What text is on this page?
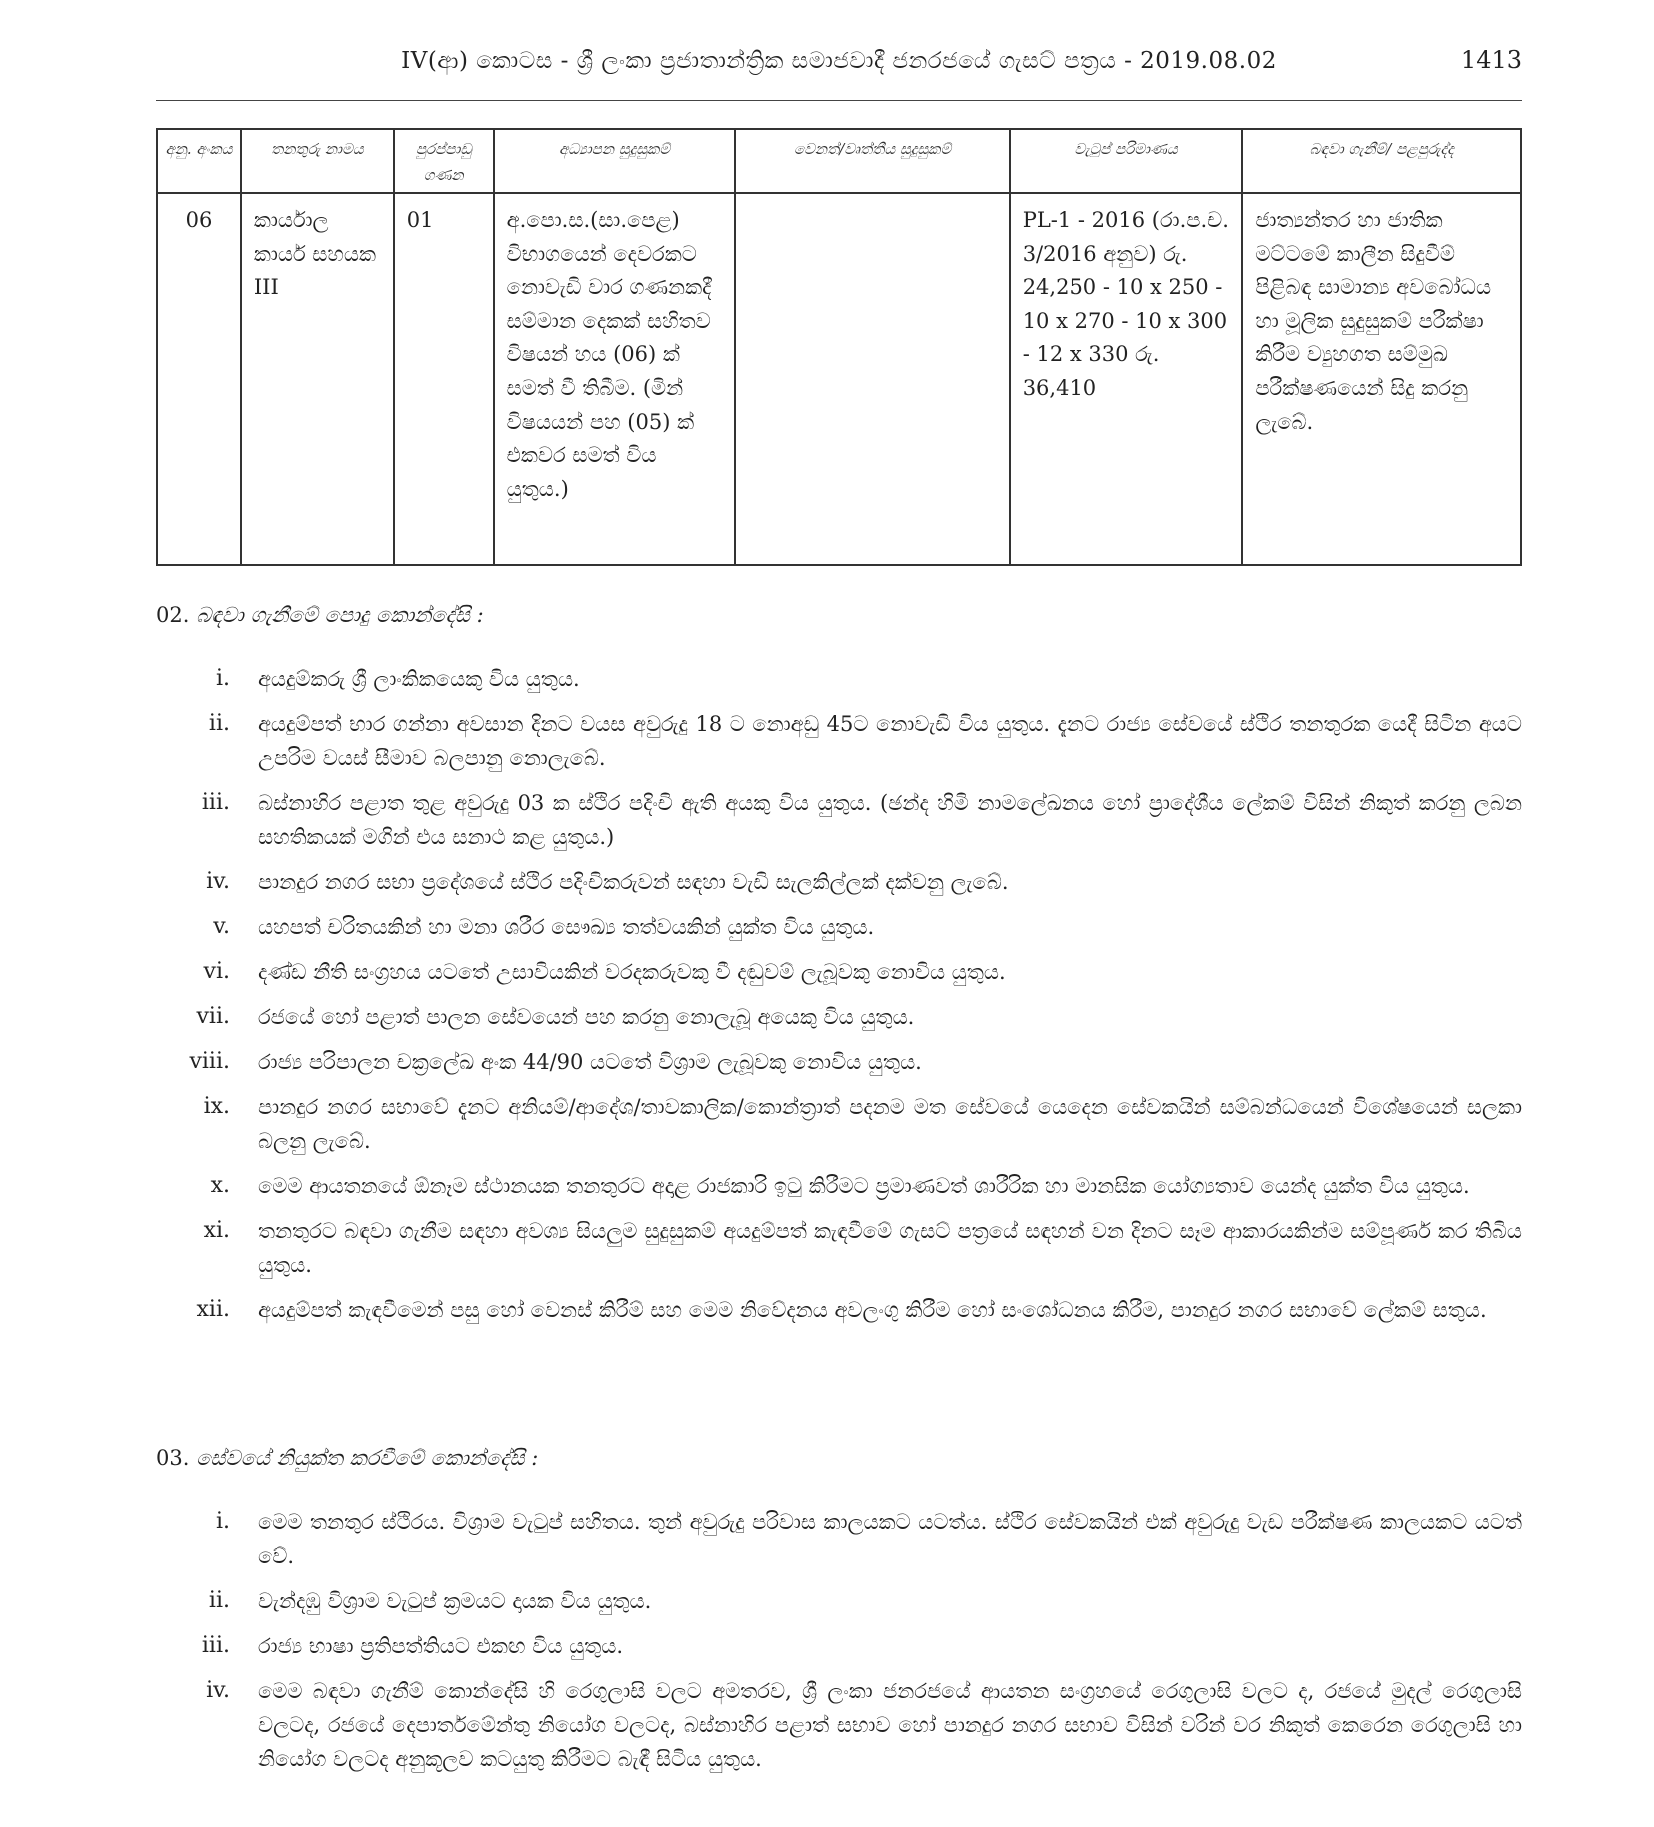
IV(ආ) කොටස - ශ්‍රී ලංකා ප්‍රජාතාන්ත්‍රික සමාජවාදී ජනරජයේ ගැසට් පත්‍රය - 2019.08.02	1413
අනු. අංකය	තනතුරු නාමය	පුරප්පාඩු ගණන	අධ්‍යාපන සුදුසුකම්	වෙනත්/වෘත්තීය සුදුසුකම්	වැටුප් පරිමාණය	බඳවා ගැනීම්/ පළපුරුද්ද
06	කාර්යාල කාර්ය සහයක III	01	අ.පො.ස.(සා.පෙළ) විභාගයෙන් දෙවරකට නොවැඩි වාර ගණනකදී සම්මාන දෙකක් සහිතව විෂයන් හය (06) ක් සමත් වී තිබීම. (මින් විෂයයන් පහ (05) ක් එකවර සමත් විය යුතුය.)		PL-1 - 2016 (රා.ප.ච. 3/2016 අනුව) රු. 24,250 - 10 x 250 - 10 x 270 - 10 x 300 - 12 x 330 රු. 36,410	ජාත්‍යන්තර හා ජාතික මට්ටමේ කාලීන සිදුවීම් පිළිබඳ සාමාන්‍ය අවබෝධය හා මූලික සුදුසුකම් පරීක්ෂා කිරීම ව්‍යුහගත සම්මුඛ පරීක්ෂණයෙන් සිදු කරනු ලැබේ.
02. බඳවා ගැනීමේ පොදු කොන්දේසි :
i.	අයදුම්කරු ශ්‍රී ලාංකිකයෙකු විය යුතුය.
ii.	අයදුම්පත් භාර ගන්නා අවසාන දිනට වයස අවුරුදු 18 ට නොඅඩු 45ට නොවැඩි විය යුතුය. දැනට රාජ්‍ය සේවයේ ස්ථිර තනතුරක යෙදී සිටින අයට උපරිම වයස් සීමාව බලපානු නොලැබේ.
iii.	බස්නාහිර පළාත තුළ අවුරුදු 03 ක ස්ථිර පදිංචි ඇති අයකු විය යුතුය. (ඡන්ද හිමි නාමලේඛනය හෝ ප්‍රාදේශීය ලේකම් විසින් නිකුත් කරනු ලබන සහතිකයක් මගින් එය සනාථ කළ යුතුය.)
iv.	පානදුර නගර සභා ප්‍රදේශයේ ස්ථිර පදිංචිකරුවන් සඳහා වැඩි සැලකිල්ලක් දක්වනු ලැබේ.
v.	යහපත් චරිතයකින් හා මනා ශරීර සෞඛ්‍ය තත්වයකින් යුක්ත විය යුතුය.
vi.	දණ්ඩ නීති සංග්‍රහය යටතේ උසාවියකින් වරදකරුවකු වී දඬුවම් ලැබූවකු නොවිය යුතුය.
vii.	රජයේ හෝ පළාත් පාලන සේවයෙන් පහ කරනු නොලැබූ අයෙකු විය යුතුය.
viii.	රාජ්‍ය පරිපාලන චක්‍රලේඛ අංක 44/90 යටතේ විශ්‍රාම ලැබූවකු නොවිය යුතුය.
ix.	පානදුර නගර සභාවේ දැනට අනියම්/ආදේශ/තාවකාලික/කොන්ත්‍රාත් පදනම මත සේවයේ යෙදෙන සේවකයින් සම්බන්ධයෙන් විශේෂයෙන් සලකා බලනු ලැබේ.
x.	මෙම ආයතනයේ ඕනෑම ස්ථානයක තනතුරට අදාළ රාජකාරි ඉටු කිරීමට ප්‍රමාණවත් ශාරීරික හා මානසික යෝග්‍යතාව යෙන්ද යුක්ත විය යුතුය.
xi.	තනතුරට බඳවා ගැනීම සඳහා අවශ්‍ය සියලුම සුදුසුකම් අයදුම්පත් කැඳවීමේ ගැසට් පත්‍රයේ සඳහන් වන දිනට සෑම ආකාරයකින්ම සම්පූර්ණ කර තිබිය යුතුය.
xii.	අයදුම්පත් කැඳවීමෙන් පසු හෝ වෙනස් කිරීම් සහ මෙම නිවේදනය අවලංගු කිරීම හෝ සංශෝධනය කිරීම, පානදුර නගර සභාවේ ලේකම් සතුය.
03. සේවයේ නියුක්ත කරවීමේ කොන්දේසි :
i.	මෙම තනතුර ස්ථිරය. විශ්‍රාම වැටුප් සහිතය. තුන් අවුරුදු පරිවාස කාලයකට යටත්ය. ස්ථිර සේවකයින් එක් අවුරුදු වැඩ පරීක්ෂණ කාලයකට යටත් වේ.
ii.	වැන්දඹු විශ්‍රාම වැටුප් ක්‍රමයට දායක විය යුතුය.
iii.	රාජ්‍ය භාෂා ප්‍රතිපත්තියට එකඟ විය යුතුය.
iv.	මෙම බඳවා ගැනීම් කොන්දේසි හි රෙගුලාසි වලට අමතරව, ශ්‍රී ලංකා ජනරජයේ ආයතන සංග්‍රහයේ රෙගුලාසි වලට ද, රජයේ මුදල් රෙගුලාසි වලටද, රජයේ දෙපාර්තමේන්තු නියෝග වලටද, බස්නාහිර පළාත් සභාව හෝ පානදුර නගර සභාව විසින් වරින් වර නිකුත් කෙරෙන රෙගුලාසි හා නියෝග වලටද අනුකූලව කටයුතු කිරීමට බැඳී සිටිය යුතුය.
